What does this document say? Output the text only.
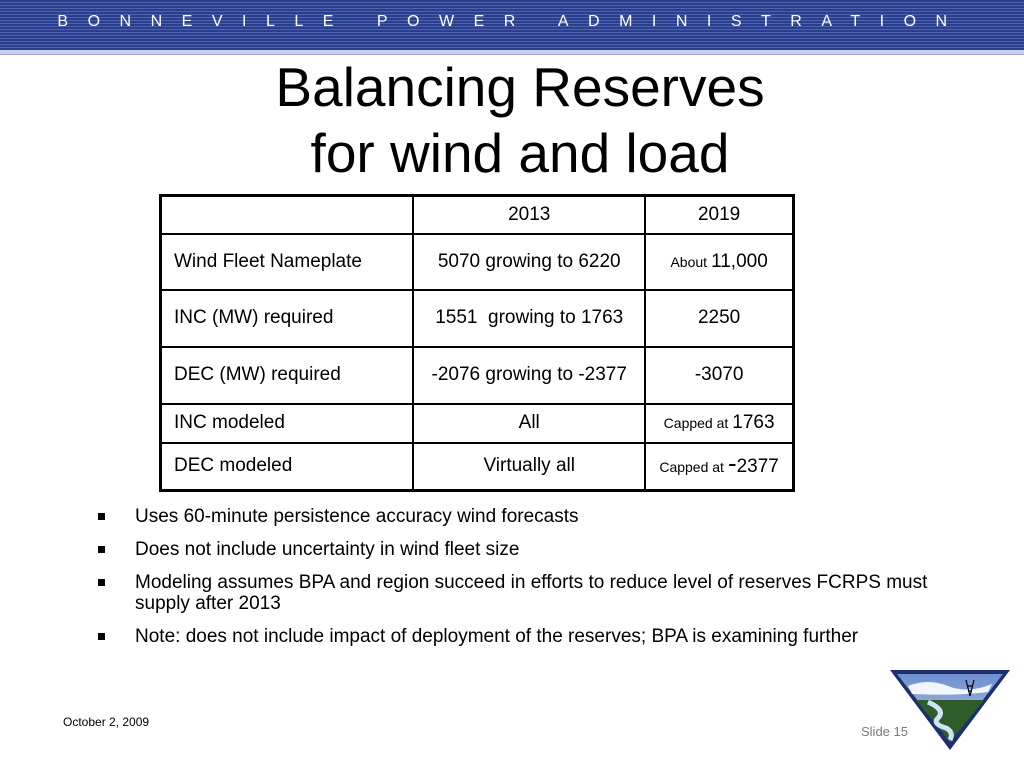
BONNEVILLE POWER ADMINISTRATION
Balancing Reserves
for wind and load
	2013	2019
Wind Fleet Nameplate	5070 growing to 6220	About 11,000
INC (MW) required	1551  growing to 1763	2250
DEC (MW) required	-2076 growing to -2377	-3070
INC modeled	All	Capped at 1763
DEC modeled	Virtually all	Capped at -2377
Uses 60-minute persistence accuracy wind forecasts
Does not include uncertainty in wind fleet size
Modeling assumes BPA and region succeed in efforts to reduce level of reserves FCRPS must supply after 2013
Note: does not include impact of deployment of the reserves; BPA is examining further
October 2, 2009
Slide 15
